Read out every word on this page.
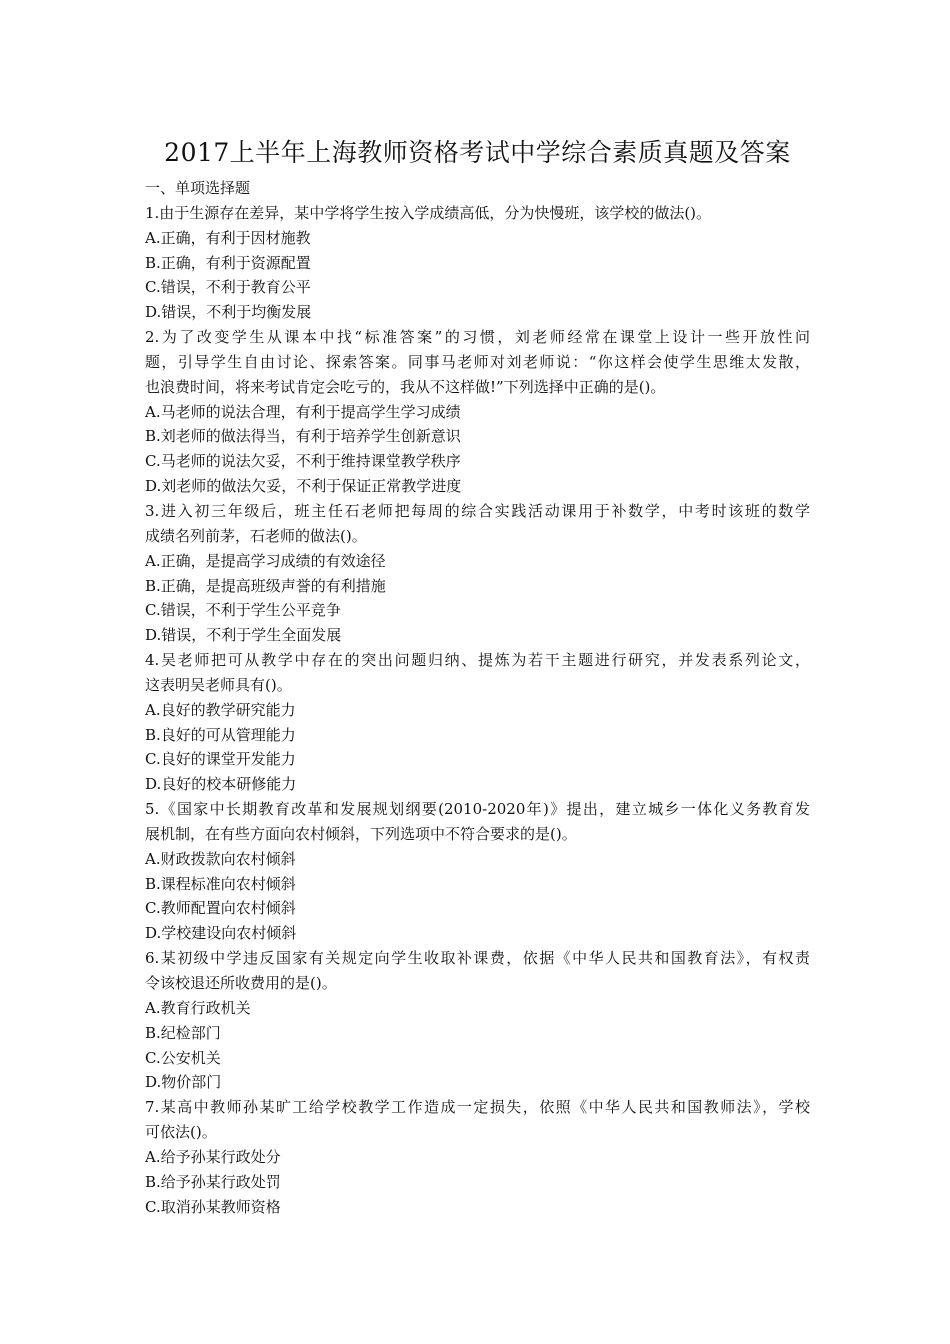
2017上半年上海教师资格考试中学综合素质真题及答案
一、单项选择题
1.由于生源存在差异，某中学将学生按入学成绩高低，分为快慢班，该学校的做法()。
A.正确，有利于因材施教
B.正确，有利于资源配置
C.错误，不利于教育公平
D.错误，不利于均衡发展
2.为了改变学生从课本中找“标准答案”的习惯，刘老师经常在课堂上设计一些开放性问
题，引导学生自由讨论、探索答案。同事马老师对刘老师说：“你这样会使学生思维太发散，
也浪费时间，将来考试肯定会吃亏的，我从不这样做!”下列选择中正确的是()。
A.马老师的说法合理，有利于提高学生学习成绩
B.刘老师的做法得当，有利于培养学生创新意识
C.马老师的说法欠妥，不利于维持课堂教学秩序
D.刘老师的做法欠妥，不利于保证正常教学进度
3.进入初三年级后，班主任石老师把每周的综合实践活动课用于补数学，中考时该班的数学
成绩名列前茅，石老师的做法()。
A.正确，是提高学习成绩的有效途径
B.正确，是提高班级声誉的有利措施
C.错误，不利于学生公平竞争
D.错误，不利于学生全面发展
4.吴老师把可从教学中存在的突出问题归纳、提炼为若干主题进行研究，并发表系列论文，
这表明吴老师具有()。
A.良好的教学研究能力
B.良好的可从管理能力
C.良好的课堂开发能力
D.良好的校本研修能力
5.《国家中长期教育改革和发展规划纲要(2010-2020年)》提出，建立城乡一体化义务教育发
展机制，在有些方面向农村倾斜，下列选项中不符合要求的是()。
A.财政拨款向农村倾斜
B.课程标准向农村倾斜
C.教师配置向农村倾斜
D.学校建设向农村倾斜
6.某初级中学违反国家有关规定向学生收取补课费，依据《中华人民共和国教育法》，有权责
令该校退还所收费用的是()。
A.教育行政机关
B.纪检部门
C.公安机关
D.物价部门
7.某高中教师孙某旷工给学校教学工作造成一定损失，依照《中华人民共和国教师法》，学校
可依法()。
A.给予孙某行政处分
B.给予孙某行政处罚
C.取消孙某教师资格
